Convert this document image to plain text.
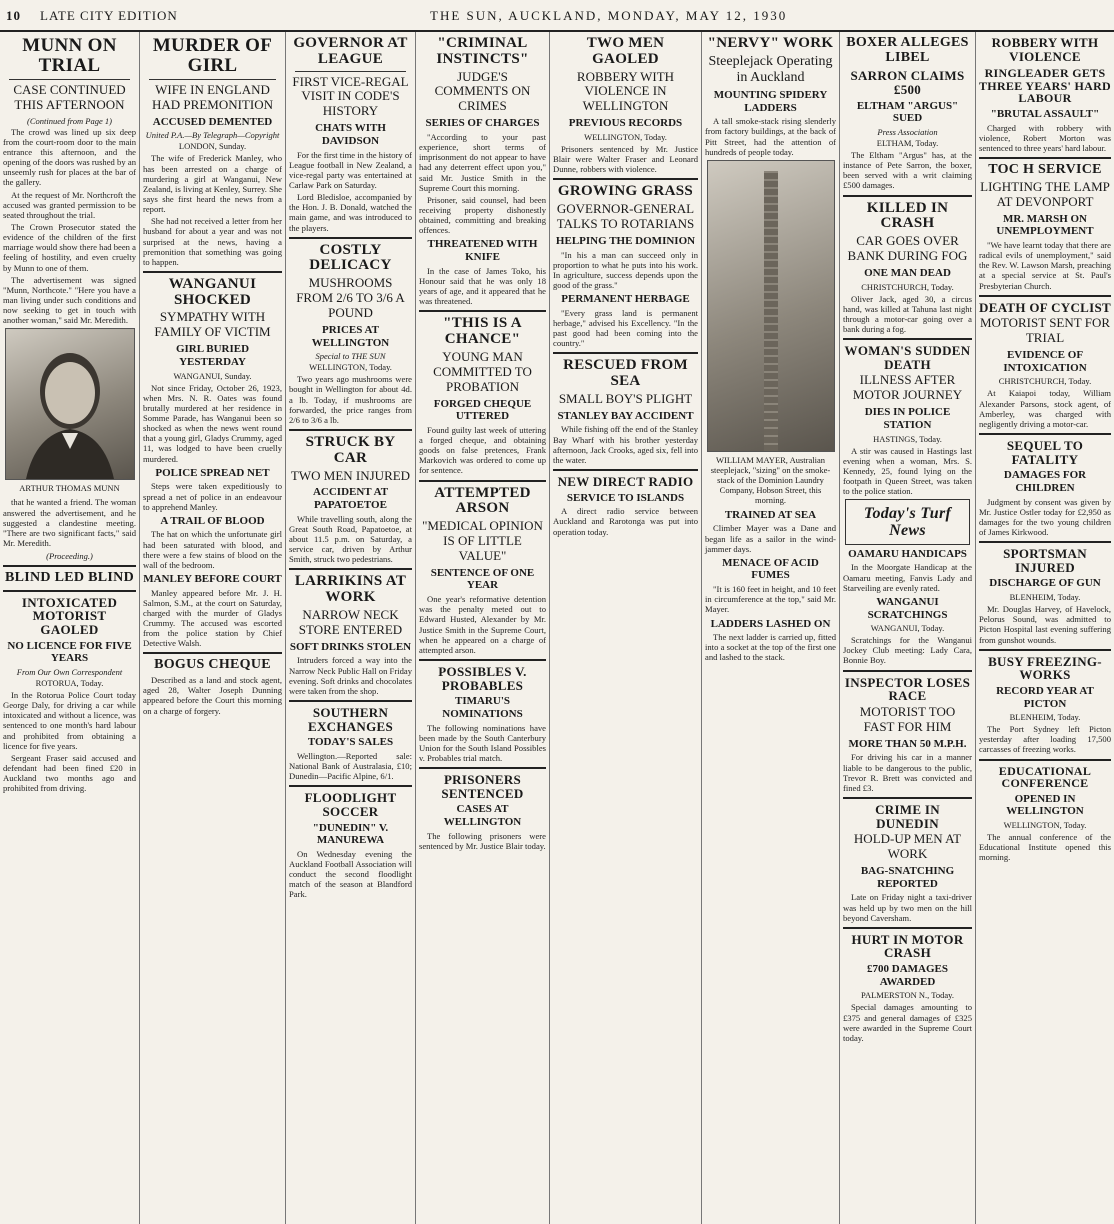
10 LATE CITY EDITION	THE SUN, AUCKLAND, MONDAY, MAY 12, 1930
MUNN ON TRIAL
CASE CONTINUED THIS AFTERNOON
(Continued from Page 1)

The crowd was lined up six deep from the court-room door to the main entrance this afternoon, and the opening of the doors was rushed by an unseemly rush for places at the bar of the gallery.

At the request of Mr. Northcroft the accused was granted permission to be seated throughout the trial.

The Crown Prosecutor stated the evidence of the children of the first marriage would show there had been a feeling of hostility, and even cruelty by Munn to one of them.

The advertisement was signed "Munn, Northcote." "Here you have a man living under such conditions and now seeking to get in touch with another woman," said Mr. Meredith.

ARTHUR THOMAS MUNN

that he wanted a friend. The woman answered the advertisement, and he suggested a clandestine meeting. "There are two significant facts," said Mr. Meredith.

(Proceeding.)
BLIND LED BLIND
INTOXICATED MOTORIST GAOLED
NO LICENCE FOR FIVE YEARS
From Our Own Correspondent
ROTORUA, Today.

In the Rotorua Police Court today George Daly, for driving a car while intoxicated and without a licence, was sentenced to one month's hard labour and prohibited from obtaining a licence for five years.

Sergeant Fraser said accused and defendant had been fined £20 in Auckland two months ago and prohibited from driving.

MURDER OF GIRL
WIFE IN ENGLAND HAD PREMONITION
ACCUSED DEMENTED
United P.A.—By Telegraph—Copyright
LONDON, Sunday.

The wife of Frederick Manley, who has been arrested on a charge of murdering a girl at Wanganui, New Zealand, is living at Kenley, Surrey. She says she first heard the news from a report.

She had not received a letter from her husband for about a year and was not surprised at the news, having a premonition that something was going to happen.

WANGANUI SHOCKED
SYMPATHY WITH FAMILY OF VICTIM
GIRL BURIED YESTERDAY
WANGANUI, Sunday.

Not since Friday, October 26, 1923, when Mrs. N. R. Oates was found brutally murdered at her residence in Somme Parade, has Wanganui been so shocked as when the news went round that a young girl, Gladys Crummy, aged 11, was lodged to have been cruelly murdered.

POLICE SPREAD NET

Steps were taken expeditiously to spread a net of police in an endeavour to apprehend Manley.

A TRAIL OF BLOOD

The hat on which the unfortunate girl had been saturated with blood, and there were a few stains of blood on the wall of the bedroom.

MANLEY BEFORE COURT

Manley appeared before Mr. J. H. Salmon, S.M., at the court on Saturday, charged with the murder of Gladys Crummy. The accused was escorted from the police station by Chief Detective Walsh.

BOGUS CHEQUE

Described as a land and stock agent, aged 28, Walter Joseph Dunning appeared before the Court this morning on a charge of forgery.

GOVERNOR AT LEAGUE
FIRST VICE-REGAL VISIT IN CODE'S HISTORY
CHATS WITH DAVIDSON

For the first time in the history of League football in New Zealand, a vice-regal party was entertained at Carlaw Park on Saturday.

Lord Bledisloe, accompanied by the Hon. J. B. Donald, watched the main game, and was introduced to the players.

COSTLY DELICACY
MUSHROOMS FROM 2/6 TO 3/6 A POUND
PRICES AT WELLINGTON
Special to THE SUN
WELLINGTON, Today.

Two years ago mushrooms were bought in Wellington for about 4d. a lb. Today, if mushrooms are forwarded, the price ranges from 2/6 to 3/6 a lb.

STRUCK BY CAR
TWO MEN INJURED
ACCIDENT AT PAPATOETOE

While travelling south, along the Great South Road, Papatoetoe, at about 11.5 p.m. on Saturday, a service car, driven by Arthur Smith, struck two pedestrians.

LARRIKINS AT WORK
NARROW NECK STORE ENTERED
SOFT DRINKS STOLEN

Intruders forced a way into the Narrow Neck Public Hall on Friday evening. Soft drinks and chocolates were taken from the shop.

SOUTHERN EXCHANGES
TODAY'S SALES

Wellington.—Reported sale: National Bank of Australasia, £10; Dunedin—Pacific Alpine, 6/1.

FLOODLIGHT SOCCER
"DUNEDIN" V. MANUREWA

On Wednesday evening the Auckland Football Association will conduct the second floodlight match of the season at Blandford Park.

"CRIMINAL INSTINCTS"
JUDGE'S COMMENTS ON CRIMES
SERIES OF CHARGES

"According to your past experience, short terms of imprisonment do not appear to have had any deterrent effect upon you," said Mr. Justice Smith in the Supreme Court this morning.

Prisoner, said counsel, had been receiving property dishonestly obtained, committing and breaking offences.

THREATENED WITH KNIFE

In the case of James Toko, his Honour said that he was only 18 years of age, and it appeared that he was threatened.

"THIS IS A CHANCE"
YOUNG MAN COMMITTED TO PROBATION
FORGED CHEQUE UTTERED

Found guilty last week of uttering a forged cheque, and obtaining goods on false pretences, Frank Markovich was ordered to come up for sentence.

ATTEMPTED ARSON
"MEDICAL OPINION IS OF LITTLE VALUE"
SENTENCE OF ONE YEAR

One year's reformative detention was the penalty meted out to Edward Husted, Alexander by Mr. Justice Smith in the Supreme Court, when he appeared on a charge of attempted arson.

POSSIBLES V. PROBABLES
TIMARU'S NOMINATIONS

The following nominations have been made by the South Canterbury Union for the South Island Possibles v. Probables trial match.

PRISONERS SENTENCED
CASES AT WELLINGTON

The following prisoners were sentenced by Mr. Justice Blair today.

TWO MEN GAOLED
ROBBERY WITH VIOLENCE IN WELLINGTON
PREVIOUS RECORDS
WELLINGTON, Today.

Prisoners sentenced by Mr. Justice Blair were Walter Fraser and Leonard Dunne, robbers with violence.

GROWING GRASS
GOVERNOR-GENERAL TALKS TO ROTARIANS
HELPING THE DOMINION

"In his a man can succeed only in proportion to what he puts into his work. In agriculture, success depends upon the good of the grass."

PERMANENT HERBAGE

"Every grass land is permanent herbage," advised his Excellency. "In the past good had been coming into the country."

RESCUED FROM SEA
SMALL BOY'S PLIGHT
STANLEY BAY ACCIDENT

While fishing off the end of the Stanley Bay Wharf with his brother yesterday afternoon, Jack Crooks, aged six, fell into the water.

NEW DIRECT RADIO
SERVICE TO ISLANDS

A direct radio service between Auckland and Rarotonga was put into operation today.

"NERVY" WORK
Steeplejack Operating in Auckland
MOUNTING SPIDERY LADDERS

A tall smoke-stack rising slenderly from factory buildings, at the back of Pitt Street, had the attention of hundreds of people today.

WILLIAM MAYER, Australian steeplejack, "sizing" on the smoke-stack of the Dominion Laundry Company, Hobson Street, this morning.
TRAINED AT SEA

Climber Mayer was a Dane and began life as a sailor in the wind-jammer days.

MENACE OF ACID FUMES

"It is 160 feet in height, and 10 feet in circumference at the top," said Mr. Mayer.

LADDERS LASHED ON

The next ladder is carried up, fitted into a socket at the top of the first one and lashed to the stack.

BOXER ALLEGES LIBEL
SARRON CLAIMS £500
ELTHAM "ARGUS" SUED
Press Association
ELTHAM, Today.

The Eltham "Argus" has, at the instance of Pete Sarron, the boxer, been served with a writ claiming £500 damages.

KILLED IN CRASH
CAR GOES OVER BANK DURING FOG
ONE MAN DEAD
CHRISTCHURCH, Today.

Oliver Jack, aged 30, a circus hand, was killed at Tahuna last night through a motor-car going over a bank during a fog.

WOMAN'S SUDDEN DEATH
ILLNESS AFTER MOTOR JOURNEY
DIES IN POLICE STATION
HASTINGS, Today.

A stir was caused in Hastings last evening when a woman, Mrs. S. Kennedy, 25, found lying on the footpath in Queen Street, was taken to the police station.

Today's Turf News
OAMARU HANDICAPS

In the Moorgate Handicap at the Oamaru meeting, Fanvis Lady and Starveiling are evenly rated.

WANGANUI SCRATCHINGS
WANGANUI, Today.

Scratchings for the Wanganui Jockey Club meeting: Lady Cara, Bonnie Boy.

INSPECTOR LOSES RACE
MOTORIST TOO FAST FOR HIM
MORE THAN 50 M.P.H.

For driving his car in a manner liable to be dangerous to the public, Trevor R. Brett was convicted and fined £3.

CRIME IN DUNEDIN
HOLD-UP MEN AT WORK
BAG-SNATCHING REPORTED

Late on Friday night a taxi-driver was held up by two men on the hill beyond Caversham.

HURT IN MOTOR CRASH
£700 DAMAGES AWARDED
PALMERSTON N., Today.

Special damages amounting to £375 and general damages of £325 were awarded in the Supreme Court today.

ROBBERY WITH VIOLENCE
RINGLEADER GETS THREE YEARS' HARD LABOUR
"BRUTAL ASSAULT"

Charged with robbery with violence, Robert Morton was sentenced to three years' hard labour.

TOC H SERVICE
LIGHTING THE LAMP AT DEVONPORT
MR. MARSH ON UNEMPLOYMENT

"We have learnt today that there are radical evils of unemployment," said the Rev. W. Lawson Marsh, preaching at a special service at St. Paul's Presbyterian Church.

DEATH OF CYCLIST
MOTORIST SENT FOR TRIAL
EVIDENCE OF INTOXICATION
CHRISTCHURCH, Today.

At Kaiapoi today, William Alexander Parsons, stock agent, of Amberley, was charged with negligently driving a motor-car.

SEQUEL TO FATALITY
DAMAGES FOR CHILDREN

Judgment by consent was given by Mr. Justice Ostler today for £2,950 as damages for the two young children of James Kirkwood.

SPORTSMAN INJURED
DISCHARGE OF GUN
BLENHEIM, Today.

Mr. Douglas Harvey, of Havelock, Pelorus Sound, was admitted to Picton Hospital last evening suffering from gunshot wounds.

BUSY FREEZING-WORKS
RECORD YEAR AT PICTON
BLENHEIM, Today.

The Port Sydney left Picton yesterday after loading 17,500 carcasses of freezing works.

EDUCATIONAL CONFERENCE
OPENED IN WELLINGTON
WELLINGTON, Today.

The annual conference of the Educational Institute opened this morning.
